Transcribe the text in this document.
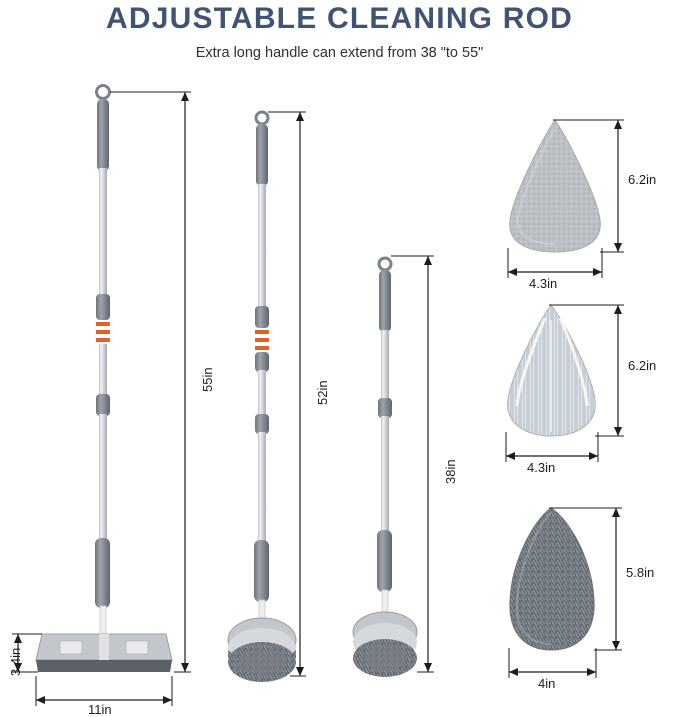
ADJUSTABLE CLEANING ROD
Extra long handle can extend from 38 "to 55"
55in
11in
3.4in
52in
38in
6.2in
4.3in
6.2in
4.3in
5.8in
4in
